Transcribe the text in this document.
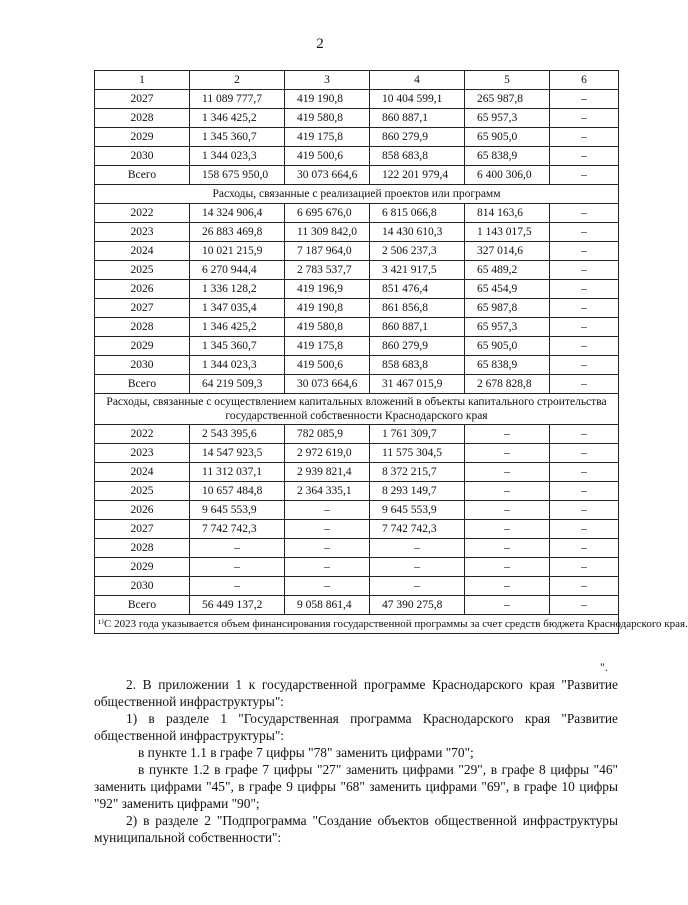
2
1	2	3	4	5	6
2027	11 089 777,7	419 190,8	10 404 599,1	265 987,8	–
2028	1 346 425,2	419 580,8	860 887,1	65 957,3	–
2029	1 345 360,7	419 175,8	860 279,9	65 905,0	–
2030	1 344 023,3	419 500,6	858 683,8	65 838,9	–
Всего	158 675 950,0	30 073 664,6	122 201 979,4	6 400 306,0	–
Расходы, связанные с реализацией проектов или программ					
2022	14 324 906,4	6 695 676,0	6 815 066,8	814 163,6	–
2023	26 883 469,8	11 309 842,0	14 430 610,3	1 143 017,5	–
2024	10 021 215,9	7 187 964,0	2 506 237,3	327 014,6	–
2025	6 270 944,4	2 783 537,7	3 421 917,5	65 489,2	–
2026	1 336 128,2	419 196,9	851 476,4	65 454,9	–
2027	1 347 035,4	419 190,8	861 856,8	65 987,8	–
2028	1 346 425,2	419 580,8	860 887,1	65 957,3	–
2029	1 345 360,7	419 175,8	860 279,9	65 905,0	–
2030	1 344 023,3	419 500,6	858 683,8	65 838,9	–
Всего	64 219 509,3	30 073 664,6	31 467 015,9	2 678 828,8	–
Расходы, связанные с осуществлением капитальных вложений в объекты капитального строительства государственной собственности Краснодарского края					
2022	2 543 395,6	782 085,9	1 761 309,7	–	–
2023	14 547 923,5	2 972 619,0	11 575 304,5	–	–
2024	11 312 037,1	2 939 821,4	8 372 215,7	–	–
2025	10 657 484,8	2 364 335,1	8 293 149,7	–	–
2026	9 645 553,9	–	9 645 553,9	–	–
2027	7 742 742,3	–	7 742 742,3	–	–
2028	–	–	–	–	–
2029	–	–	–	–	–
2030	–	–	–	–	–
Всего	56 449 137,2	9 058 861,4	47 390 275,8	–	–
¹⁾С 2023 года указывается объем финансирования государственной программы за счет средств бюджета Краснодарского края.					
".

2. В приложении 1 к государственной программе Краснодарского края "Развитие общественной инфраструктуры":

1) в разделе 1 "Государственная программа Краснодарского края "Развитие общественной инфраструктуры":

в пункте 1.1 в графе 7 цифры "78" заменить цифрами "70";

в пункте 1.2 в графе 7 цифры "27" заменить цифрами "29", в графе 8 цифры "46" заменить цифрами "45", в графе 9 цифры "68" заменить цифрами "69", в графе 10 цифры "92" заменить цифрами "90";

2) в разделе 2 "Подпрограмма "Создание объектов общественной инфраструктуры муниципальной собственности":
